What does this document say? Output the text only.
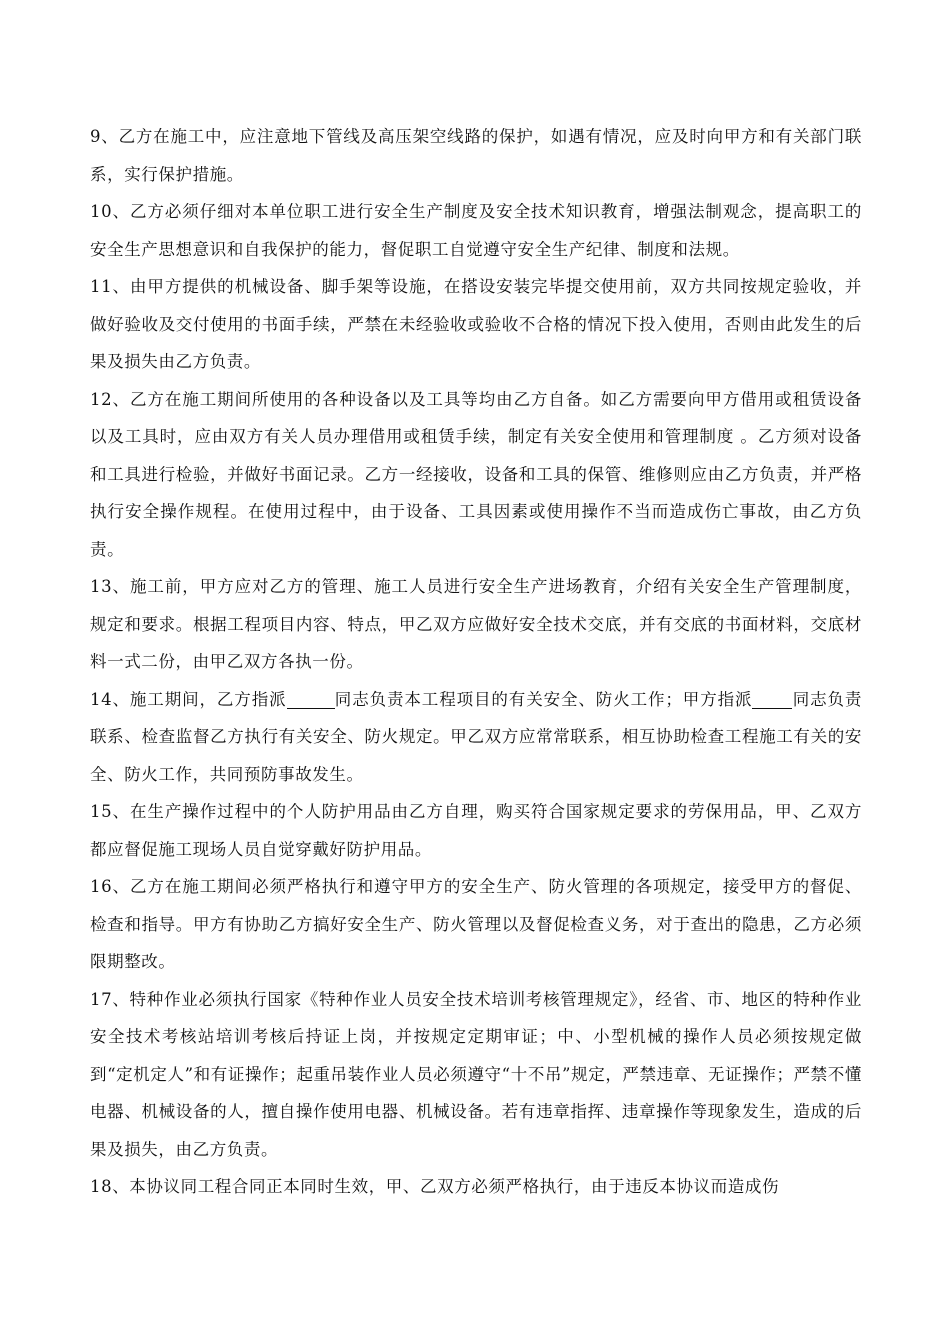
9、乙方在施工中，应注意地下管线及高压架空线路的保护，如遇有情况，应及时向甲方和有关部门联系，实行保护措施。

10、乙方必须仔细对本单位职工进行安全生产制度及安全技术知识教育，增强法制观念，提高职工的安全生产思想意识和自我保护的能力，督促职工自觉遵守安全生产纪律、制度和法规。

11、由甲方提供的机械设备、脚手架等设施，在搭设安装完毕提交使用前，双方共同按规定验收，并做好验收及交付使用的书面手续，严禁在未经验收或验收不合格的情况下投入使用，否则由此发生的后果及损失由乙方负责。

12、乙方在施工期间所使用的各种设备以及工具等均由乙方自备。如乙方需要向甲方借用或租赁设备以及工具时，应由双方有关人员办理借用或租赁手续，制定有关安全使用和管理制度 。乙方须对设备和工具进行检验，并做好书面记录。乙方一经接收，设备和工具的保管、维修则应由乙方负责，并严格执行安全操作规程。在使用过程中，由于设备、工具因素或使用操作不当而造成伤亡事故，由乙方负责。

13、施工前，甲方应对乙方的管理、施工人员进行安全生产进场教育，介绍有关安全生产管理制度，规定和要求。根据工程项目内容、特点，甲乙双方应做好安全技术交底，并有交底的书面材料，交底材料一式二份，由甲乙双方各执一份。

14、施工期间，乙方指派	同志负责本工程项目的有关安全、防火工作；甲方指派 同志负责联系、检查监督乙方执行有关安全、防火规定。甲乙双方应常常联系，相互协助检查工程施工有关的安全、防火工作，共同预防事故发生。

15、在生产操作过程中的个人防护用品由乙方自理，购买符合国家规定要求的劳保用品，甲、乙双方都应督促施工现场人员自觉穿戴好防护用品。

16、乙方在施工期间必须严格执行和遵守甲方的安全生产、防火管理的各项规定，接受甲方的督促、检查和指导。甲方有协助乙方搞好安全生产、防火管理以及督促检查义务，对于查出的隐患，乙方必须限期整改。

17、特种作业必须执行国家《特种作业人员安全技术培训考核管理规定》，经省、市、地区的特种作业安全技术考核站培训考核后持证上岗，并按规定定期审证；中、小型机械的操作人员必须按规定做到“定机定人”和有证操作；起重吊装作业人员必须遵守“十不吊”规定，严禁违章、无证操作；严禁不懂电器、机械设备的人，擅自操作使用电器、机械设备。若有违章指挥、违章操作等现象发生，造成的后果及损失，由乙方负责。

18、本协议同工程合同正本同时生效，甲、乙双方必须严格执行，由于违反本协议而造成伤
